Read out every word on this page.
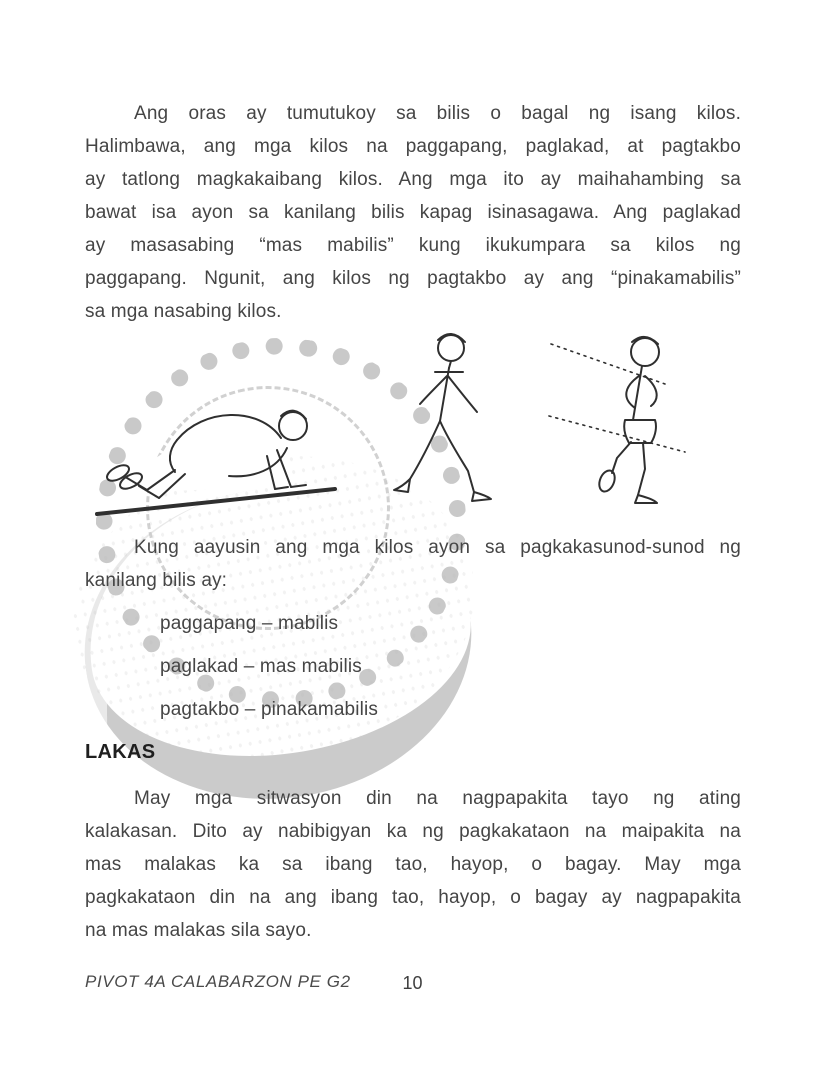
Ang oras ay tumutukoy sa bilis o bagal ng isang kilos.
Halimbawa, ang mga kilos na paggapang, paglakad, at pagtakbo
ay tatlong magkakaibang kilos. Ang mga ito ay maihahambing sa
bawat isa ayon sa kanilang bilis kapag isinasagawa. Ang paglakad
ay masasabing “mas mabilis” kung ikukumpara sa kilos ng
paggapang. Ngunit, ang kilos ng pagtakbo ay ang “pinakamabilis”
sa mga nasabing kilos.
Kung aayusin ang mga kilos ayon sa pagkakasunod-sunod ng
kanilang bilis ay:
paggapang – mabilis
paglakad – mas mabilis
pagtakbo – pinakamabilis
LAKAS
May mga sitwasyon din na nagpapakita tayo ng ating
kalakasan. Dito ay nabibigyan ka ng pagkakataon na maipakita na
mas malakas ka sa ibang tao, hayop, o bagay. May mga
pagkakataon din na ang ibang tao, hayop, o bagay ay nagpapakita
na mas malakas sila sayo.
PIVOT 4A CALABARZON PE G2	10
